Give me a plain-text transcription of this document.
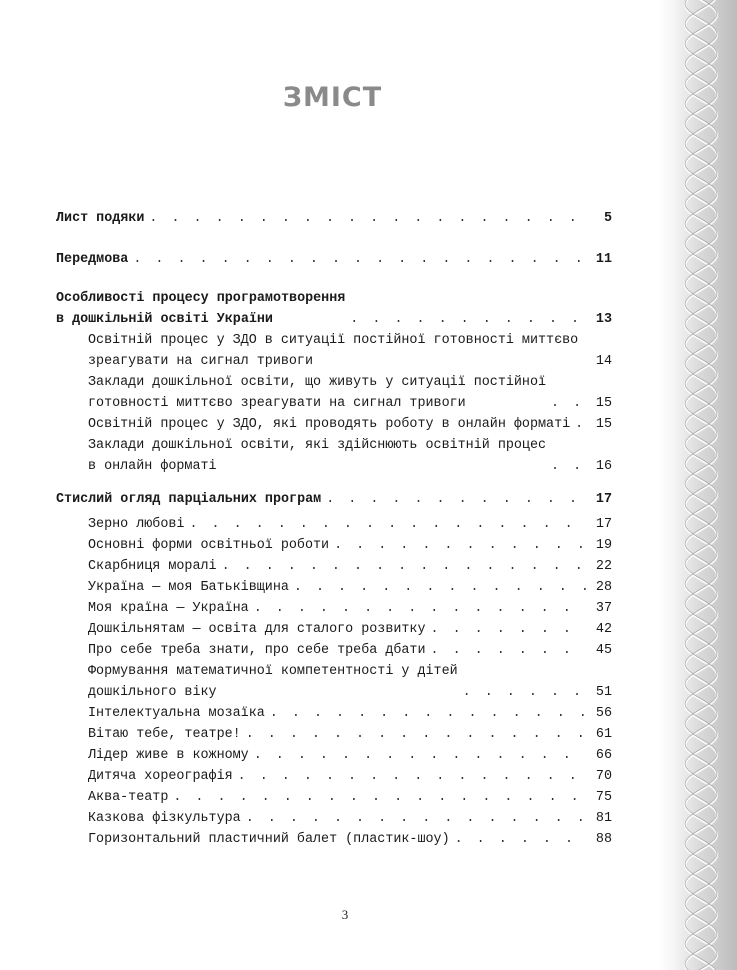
ЗМІСТ
Лист подяки . . .	5
Передмова . . .	11
Особливості процесу програмотворення
в дошкільній освіті України . . .	13
Освітній процес у ЗДО в ситуації постійної готовності миттєво
зреагувати на сигнал тривоги . . .	14
Заклади дошкільної освіти, що живуть у ситуації постійної
готовності миттєво зреагувати на сигнал тривоги . . .	15
Освітній процес у ЗДО, які проводять роботу в онлайн форматі . . .	15
Заклади дошкільної освіти, які здійснюють освітній процес
в онлайн форматі . . .	16
Стислий огляд парціальних програм . . .	17
Зерно любові . . .	17
Основні форми освітньої роботи . . .	19
Скарбниця моралі . . .	22
Україна — моя Батьківщина . . .	28
Моя країна — Україна . . .	37
Дошкільнятам — освіта для сталого розвитку . . .	42
Про себе треба знати, про себе треба дбати . . .	45
Формування математичної компетентності у дітей
дошкільного віку . . .	51
Інтелектуальна мозаїка . . .	56
Вітаю тебе, театре! . . .	61
Лідер живе в кожному . . .	66
Дитяча хореографія . . .	70
Аква-театр . . .	75
Казкова фізкультура . . .	81
Горизонтальний пластичний балет (пластик-шоу) . . .	88
3
